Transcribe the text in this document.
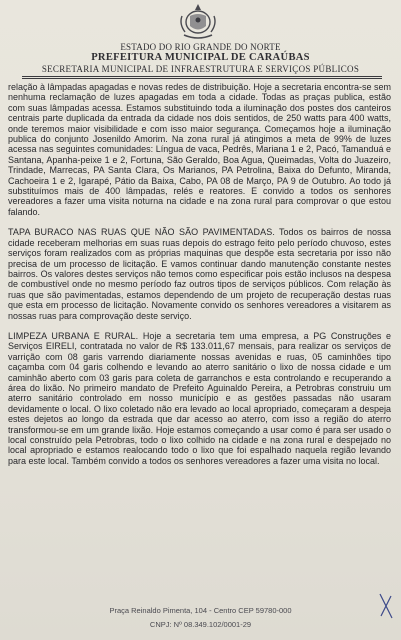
ESTADO DO RIO GRANDE DO NORTE
PREFEITURA MUNICIPAL DE CARAÚBAS
SECRETARIA MUNICIPAL DE INFRAESTRUTURA E SERVIÇOS PÚBLICOS

relação à lâmpadas apagadas e novas redes de distribuição. Hoje a secretaria encontra-se sem nenhuma reclamação de luzes apagadas em toda a cidade. Todas as praças publica, estão com suas lâmpadas acessa. Estamos substituindo toda a iluminação dos postes dos canteiros centrais parte duplicada da entrada da cidade nos dois sentidos, de 250 watts para 400 watts, onde teremos maior visibilidade e com isso maior segurança. Começamos hoje a iluminação publica do conjunto Josenildo Amorim. Na zona rural já atingimos a meta de 99% de luzes acessa nas seguintes comunidades: Língua de vaca, Pedrês, Mariana 1 e 2, Pacó, Tamanduá e Santana, Apanha-peixe 1 e 2, Fortuna, São Geraldo, Boa Agua, Queimadas, Volta do Juazeiro, Trindade, Marrecas, PA Santa Clara, Os Marianos, PA Petrolina, Baixa do Defunto, Miranda, Cachoeira 1 e 2, Igarapé, Pátio da Baixa, Cabo, PA 08 de Março, PA 9 de Outubro. Ao todo já substituímos mais de 400 lâmpadas, relés e reatores. E convido a todos os senhores vereadores a fazer uma visita noturna na cidade e na zona rural para comprovar o que estou falando.

TAPA BURACO NAS RUAS QUE NÃO SÃO PAVIMENTADAS. Todos os bairros de nossa cidade receberam melhorias em suas ruas depois do estrago feito pelo período chuvoso, estes serviços foram realizados com as próprias maquinas que despõe esta secretaria por isso não precisa de um processo de licitação. E vamos continuar dando manutenção constante nestes bairros. Os valores destes serviços não temos como especificar pois estão inclusos na despesa de combustível onde no mesmo período faz outros tipos de serviços públicos. Com relação às ruas que são pavimentadas, estamos dependendo de um projeto de recuperação destas ruas que esta em processo de licitação. Novamente convido os senhores vereadores a visitarem as nossas ruas para comprovação deste serviço.

LIMPEZA URBANA E RURAL. Hoje a secretaria tem uma empresa, a PG Construções e Serviços EIRELI, contratada no valor de R$ 133.011,67 mensais, para realizar os serviços de varrição com 08 garis varrendo diariamente nossas avenidas e ruas, 05 caminhões tipo caçamba com 04 garis colhendo e levando ao aterro sanitário o lixo de nossa cidade e um caminhão aberto com 03 garis para coleta de garranchos e esta controlando e recuperando a área do lixão. No primeiro mandato de Prefeito Aguinaldo Pereira, a Petrobras construiu um aterro sanitário controlado em nosso município e as gestões passadas não usaram devidamente o local. O lixo coletado não era levado ao local apropriado, começaram a despeja estes dejetos ao longo da estrada que dar acesso ao aterro, com isso a região do aterro transformou-se em um grande lixão. Hoje estamos começando a usar como é para ser usado o local construído pela Petrobras, todo o lixo colhido na cidade e na zona rural e despejado no local apropriado e estamos realocando todo o lixo que foi espalhado naquela região levando para este local. Também convido a todos os senhores vereadores a fazer uma visita no local.

Praça Reinaldo Pimenta, 104 - Centro CEP 59780-000
CNPJ: Nº 08.349.102/0001-29
